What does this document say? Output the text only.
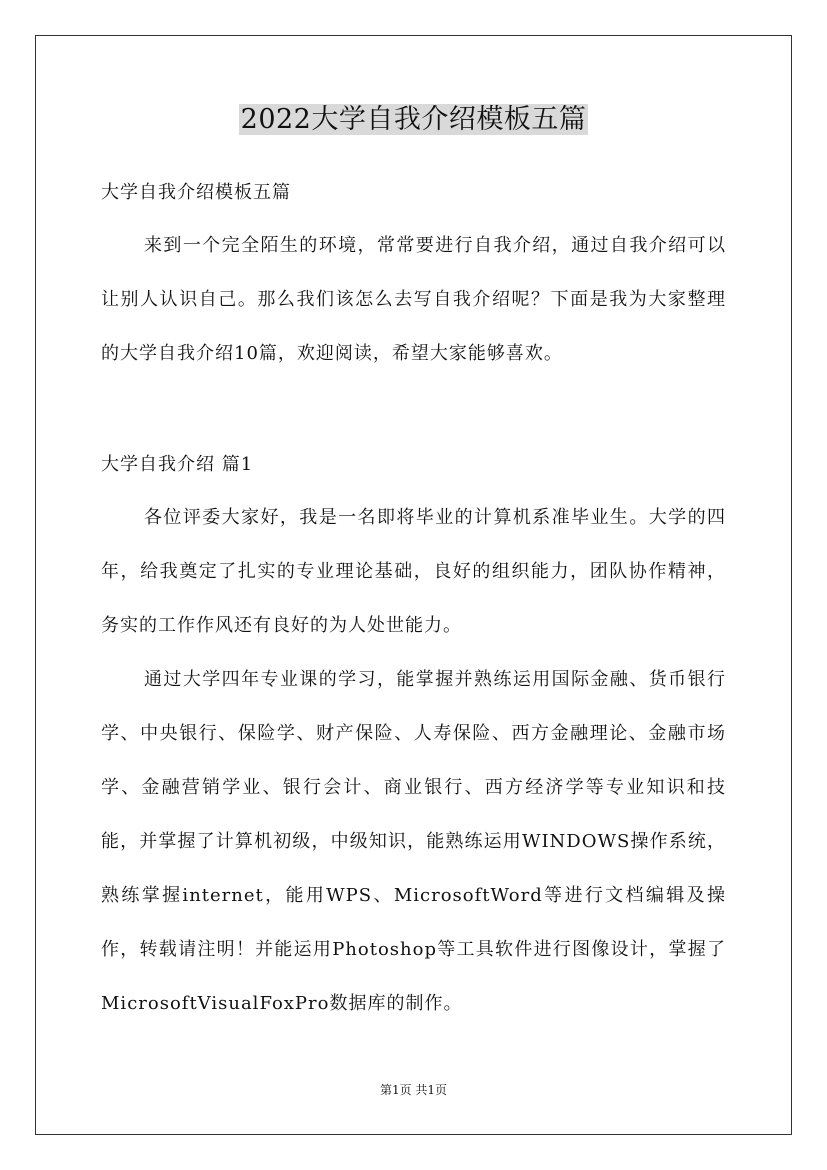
2022大学自我介绍模板五篇
大学自我介绍模板五篇

来到一个完全陌生的环境，常常要进行自我介绍，通过自我介绍可以让别人认识自己。那么我们该怎么去写自我介绍呢？下面是我为大家整理的大学自我介绍10篇，欢迎阅读，希望大家能够喜欢。

大学自我介绍 篇1

各位评委大家好，我是一名即将毕业的计算机系准毕业生。大学的四年，给我奠定了扎实的专业理论基础，良好的组织能力，团队协作精神，务实的工作作风还有良好的为人处世能力。

通过大学四年专业课的学习，能掌握并熟练运用国际金融、货币银行学、中央银行、保险学、财产保险、人寿保险、西方金融理论、金融市场学、金融营销学业、银行会计、商业银行、西方经济学等专业知识和技能，并掌握了计算机初级，中级知识，能熟练运用WINDOWS操作系统，熟练掌握internet，能用WPS、MicrosoftWord等进行文档编辑及操作，转载请注明！并能运用Photoshop等工具软件进行图像设计，掌握了MicrosoftVisualFoxPro数据库的制作。

第1页 共1页
